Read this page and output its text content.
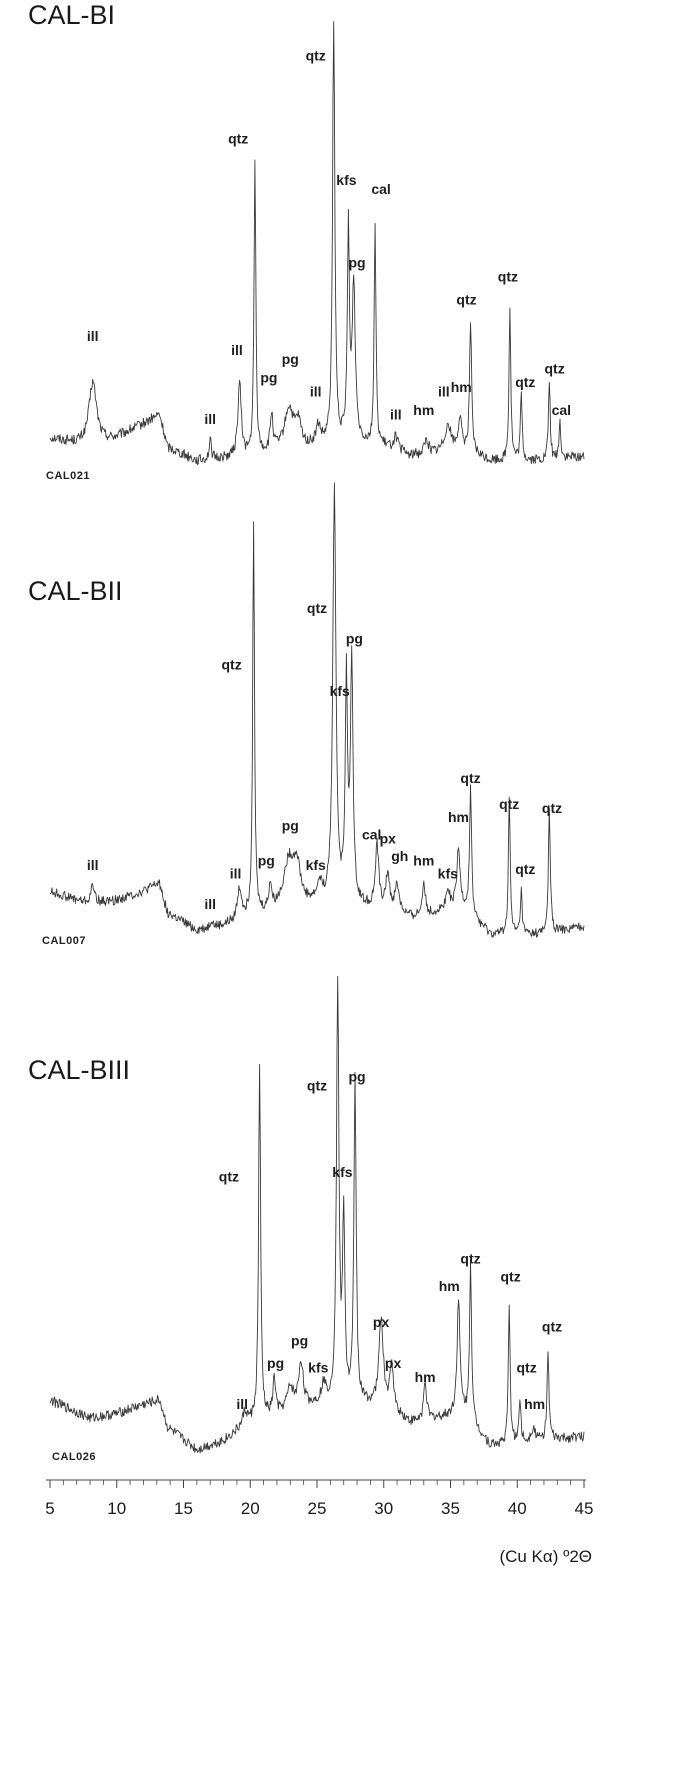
CAL-BI
ill
ill
ill
qtz
pg
pg
ill
qtz
kfs
pg
cal
ill hm
ill hm
qtz
qtz
qtz
qtz
cal
CAL021
CAL-BII
ill
ill
ill
qtz
pg
pg
kfs
qtz
kfs
pg
cal
px
gh hm
kfs
hm
qtz
qtz
qtz
qtz
CAL007
CAL-BIII
ill
qtz
pg
pg
kfs
qtz
kfs
pg
px
px
hm
hm
qtz
qtz
qtz
hm
qtz
CAL026
5	10	15	20	25	30	35	40	45
(Cu Kα) º2Θ
